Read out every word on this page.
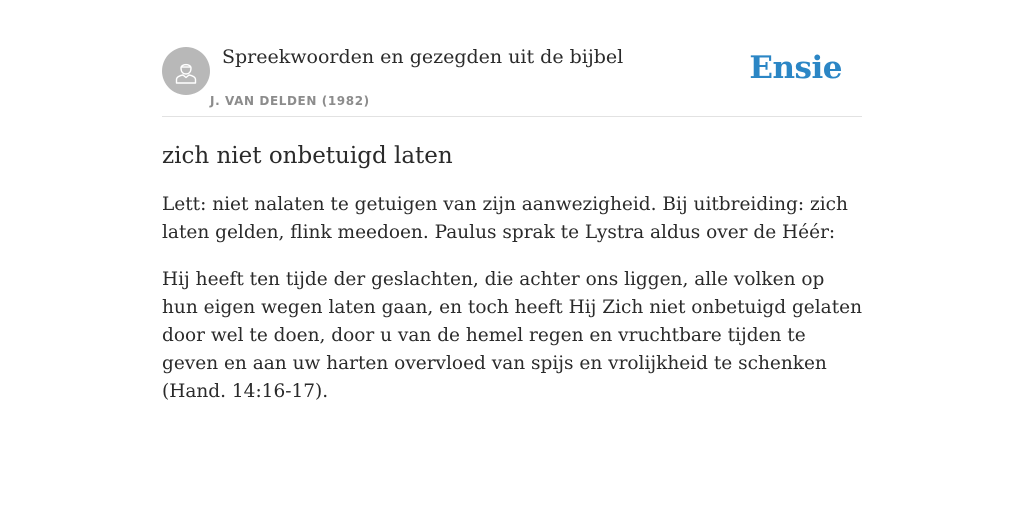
Spreekwoorden en gezegden uit de bijbel
J. VAN DELDEN (1982)
Ensie
zich niet onbetuigd laten

Lett: niet nalaten te getuigen van zijn aanwezigheid. Bij uitbreiding: zich laten gelden, flink meedoen. Paulus sprak te Lystra aldus over de Héér:

Hij heeft ten tijde der geslachten, die achter ons liggen, alle volken op hun eigen wegen laten gaan, en toch heeft Hij Zich niet onbetuigd gelaten door wel te doen, door u van de hemel regen en vruchtbare tijden te geven en aan uw harten overvloed van spijs en vrolijkheid te schenken (Hand. 14:16-17).
